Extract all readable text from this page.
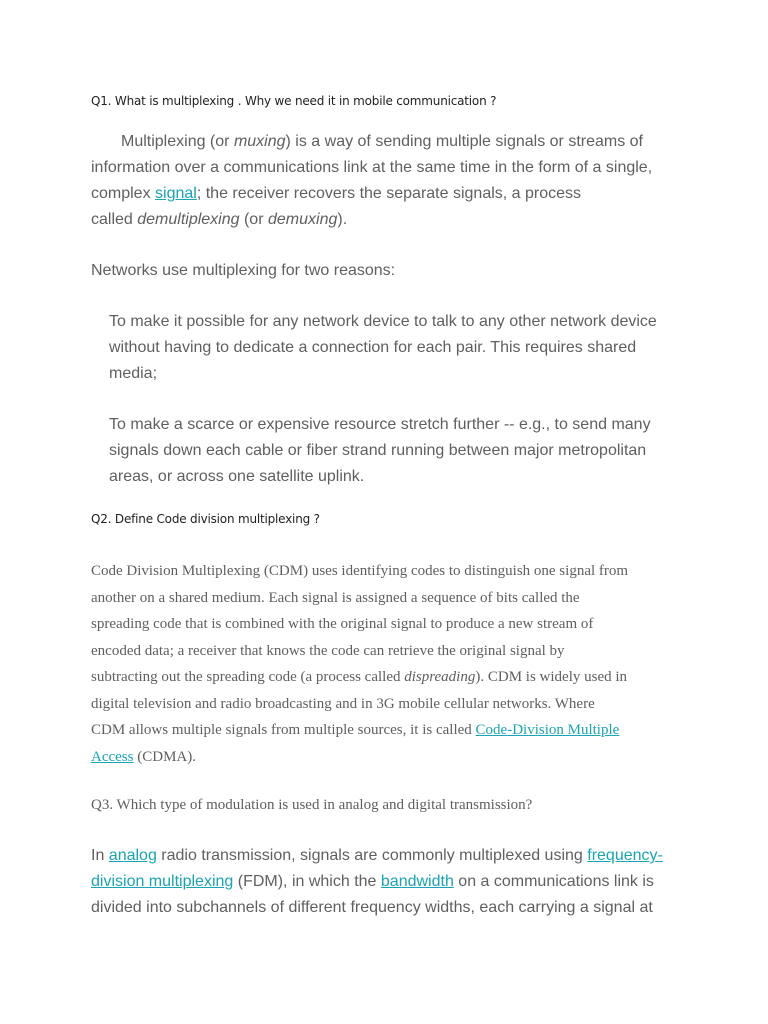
Q1. What is multiplexing . Why we need it in mobile communication ?
Multiplexing (or muxing) is a way of sending multiple signals or streams of
information over a communications link at the same time in the form of a single,
complex signal; the receiver recovers the separate signals, a process
called demultiplexing (or demuxing).
Networks use multiplexing for two reasons:
To make it possible for any network device to talk to any other network device
without having to dedicate a connection for each pair. This requires shared
media;
To make a scarce or expensive resource stretch further -- e.g., to send many
signals down each cable or fiber strand running between major metropolitan
areas, or across one satellite uplink.
Q2. Define Code division multiplexing ?
Code Division Multiplexing (CDM) uses identifying codes to distinguish one signal from
another on a shared medium. Each signal is assigned a sequence of bits called the
spreading code that is combined with the original signal to produce a new stream of
encoded data; a receiver that knows the code can retrieve the original signal by
subtracting out the spreading code (a process called dispreading). CDM is widely used in
digital television and radio broadcasting and in 3G mobile cellular networks. Where
CDM allows multiple signals from multiple sources, it is called Code-Division Multiple
Access (CDMA).
Q3. Which type of modulation is used in analog and digital transmission?
In analog radio transmission, signals are commonly multiplexed using frequency-
division multiplexing (FDM), in which the bandwidth on a communications link is
divided into subchannels of different frequency widths, each carrying a signal at
